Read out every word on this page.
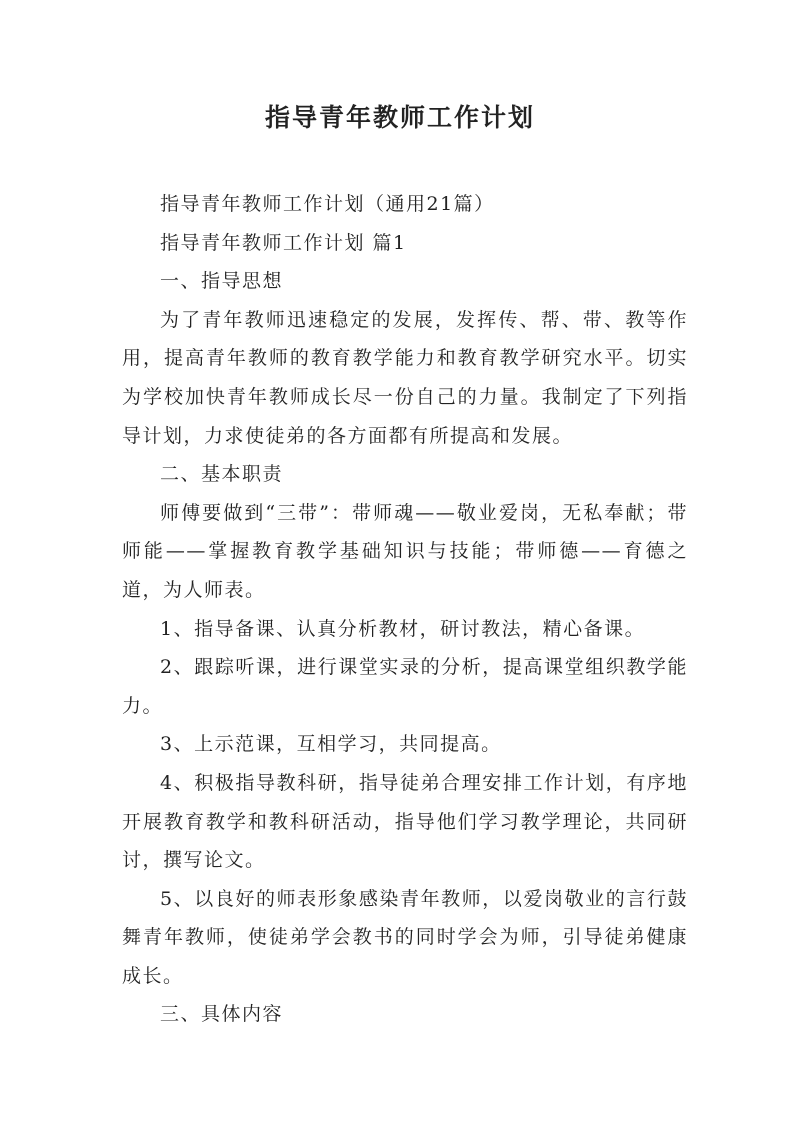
指导青年教师工作计划

指导青年教师工作计划（通用21篇）

指导青年教师工作计划 篇1

一、指导思想

为了青年教师迅速稳定的发展，发挥传、帮、带、教等作用，提高青年教师的教育教学能力和教育教学研究水平。切实为学校加快青年教师成长尽一份自己的力量。我制定了下列指导计划，力求使徒弟的各方面都有所提高和发展。

二、基本职责

师傅要做到“三带”：带师魂——敬业爱岗，无私奉献；带师能——掌握教育教学基础知识与技能；带师德——育德之道，为人师表。

1、指导备课、认真分析教材，研讨教法，精心备课。

2、跟踪听课，进行课堂实录的分析，提高课堂组织教学能力。

3、上示范课，互相学习，共同提高。

4、积极指导教科研，指导徒弟合理安排工作计划，有序地开展教育教学和教科研活动，指导他们学习教学理论，共同研讨，撰写论文。

5、以良好的师表形象感染青年教师，以爱岗敬业的言行鼓舞青年教师，使徒弟学会教书的同时学会为师，引导徒弟健康成长。

三、具体内容
